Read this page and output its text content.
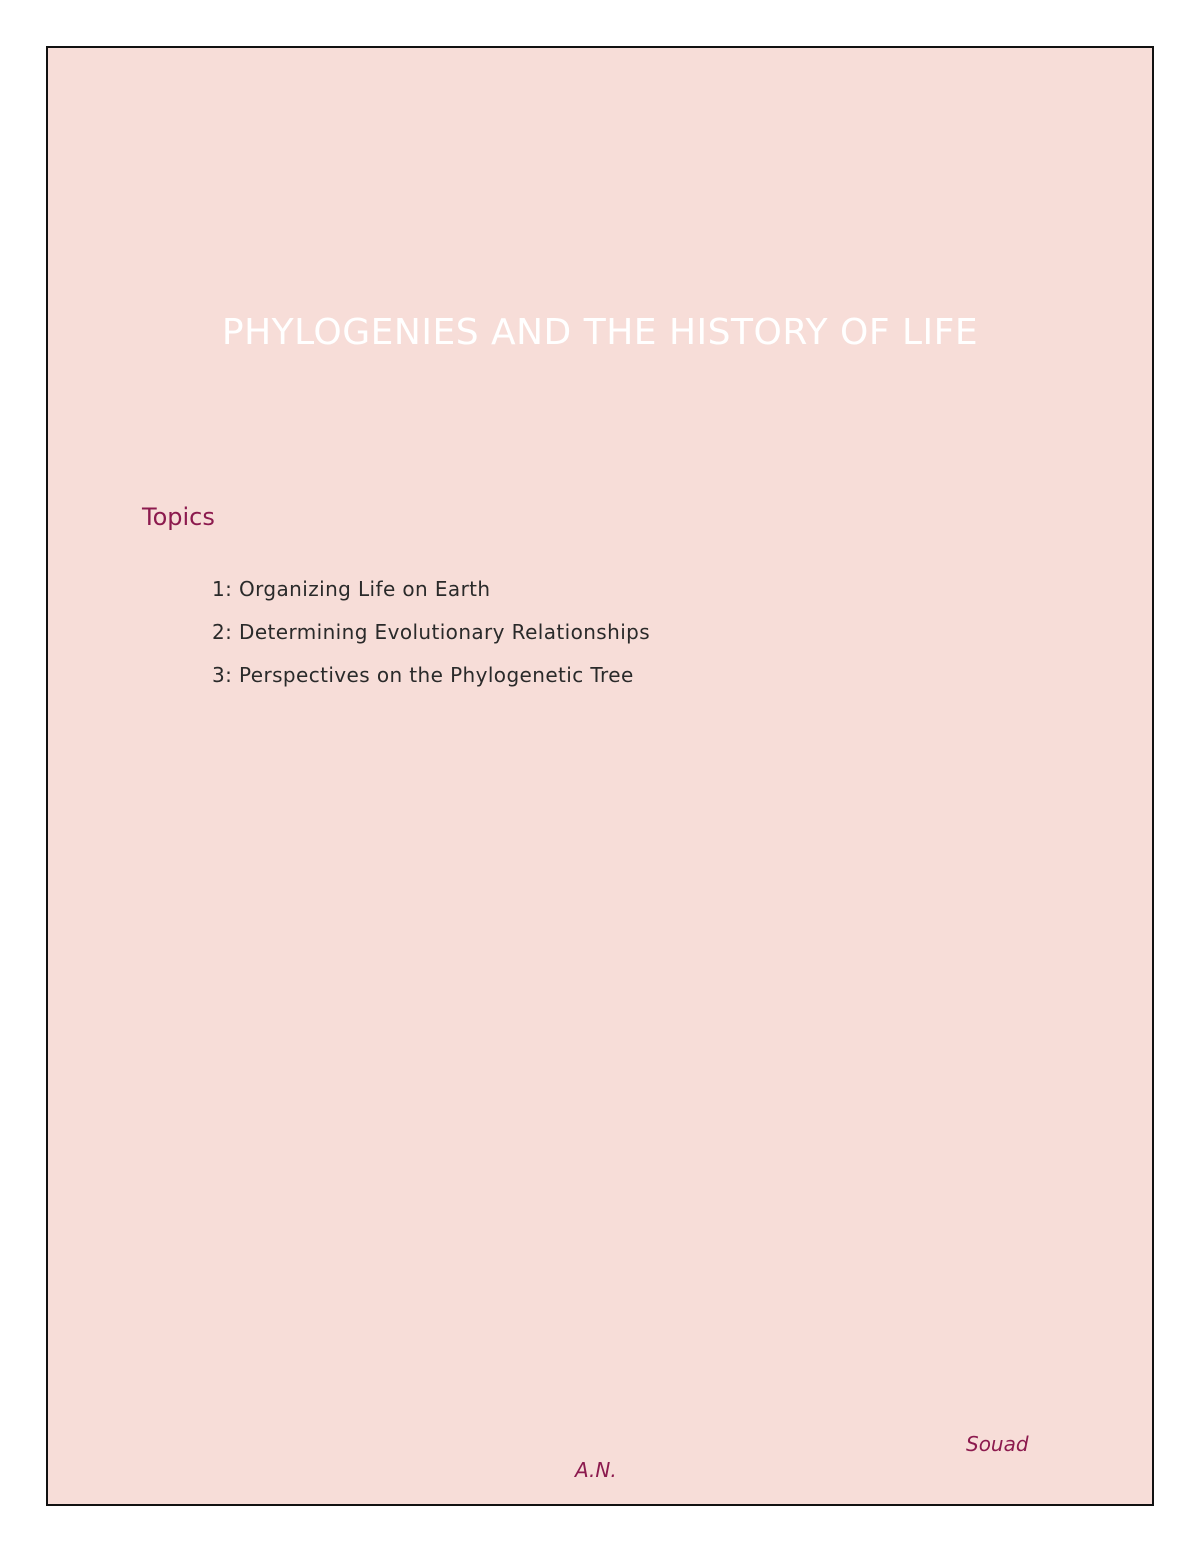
PHYLOGENIES AND THE HISTORY OF LIFE
Topics
1: Organizing Life on Earth
2: Determining Evolutionary Relationships
3: Perspectives on the Phylogenetic Tree
Souad
A.N.
